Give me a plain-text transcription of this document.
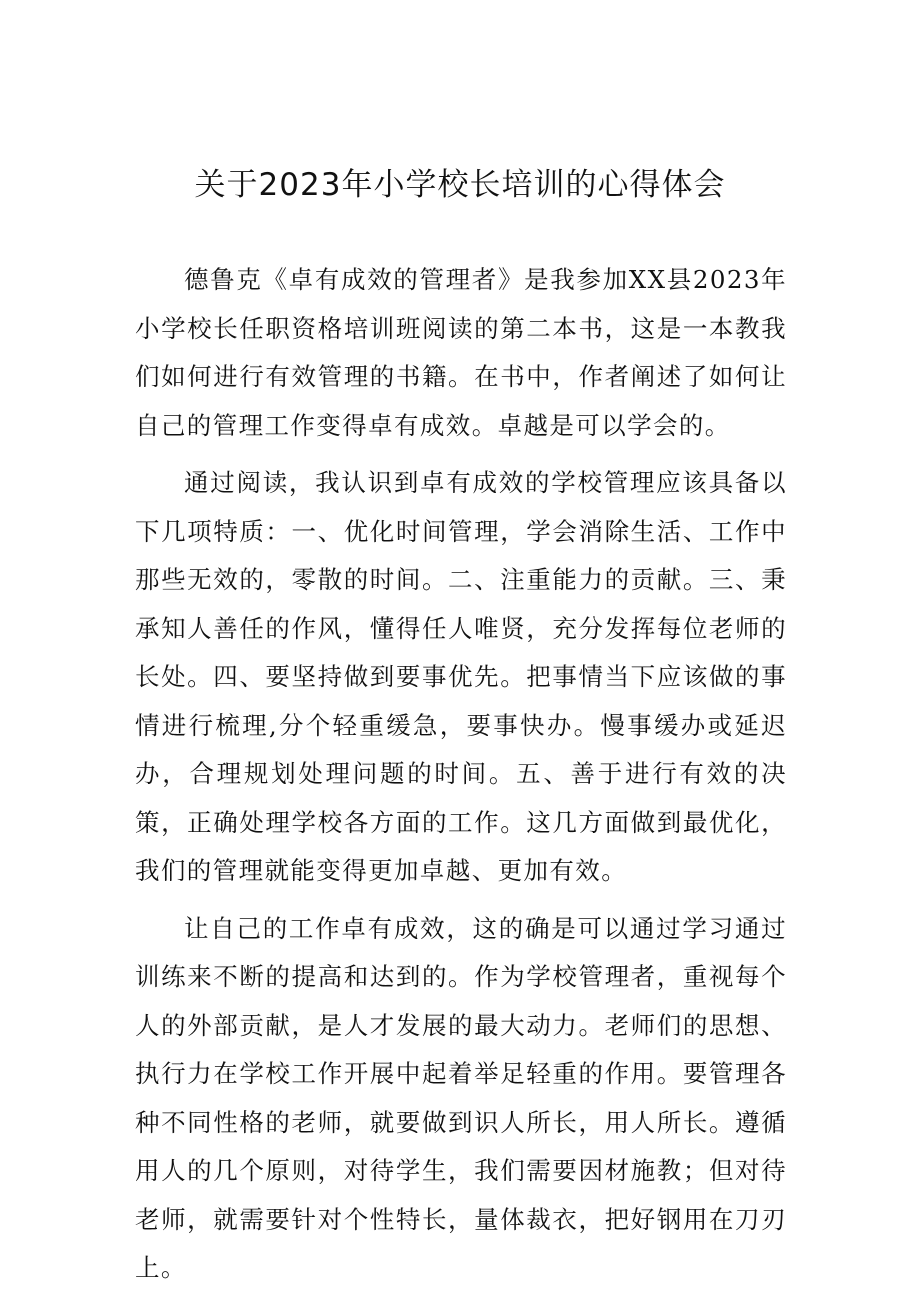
关于2023年小学校长培训的心得体会

德鲁克《卓有成效的管理者》是我参加XX县2023年小学校长任职资格培训班阅读的第二本书，这是一本教我们如何进行有效管理的书籍。在书中，作者阐述了如何让自己的管理工作变得卓有成效。卓越是可以学会的。

通过阅读，我认识到卓有成效的学校管理应该具备以下几项特质：一、优化时间管理，学会消除生活、工作中那些无效的，零散的时间。二、注重能力的贡献。三、秉承知人善任的作风，懂得任人唯贤，充分发挥每位老师的长处。四、要坚持做到要事优先。把事情当下应该做的事情进行梳理,分个轻重缓急，要事快办。慢事缓办或延迟办，合理规划处理问题的时间。五、善于进行有效的决策，正确处理学校各方面的工作。这几方面做到最优化，我们的管理就能变得更加卓越、更加有效。

让自己的工作卓有成效，这的确是可以通过学习通过训练来不断的提高和达到的。作为学校管理者，重视每个人的外部贡献，是人才发展的最大动力。老师们的思想、执行力在学校工作开展中起着举足轻重的作用。要管理各种不同性格的老师，就要做到识人所长，用人所长。遵循用人的几个原则，对待学生，我们需要因材施教；但对待老师，就需要针对个性特长，量体裁衣，把好钢用在刀刃上。
